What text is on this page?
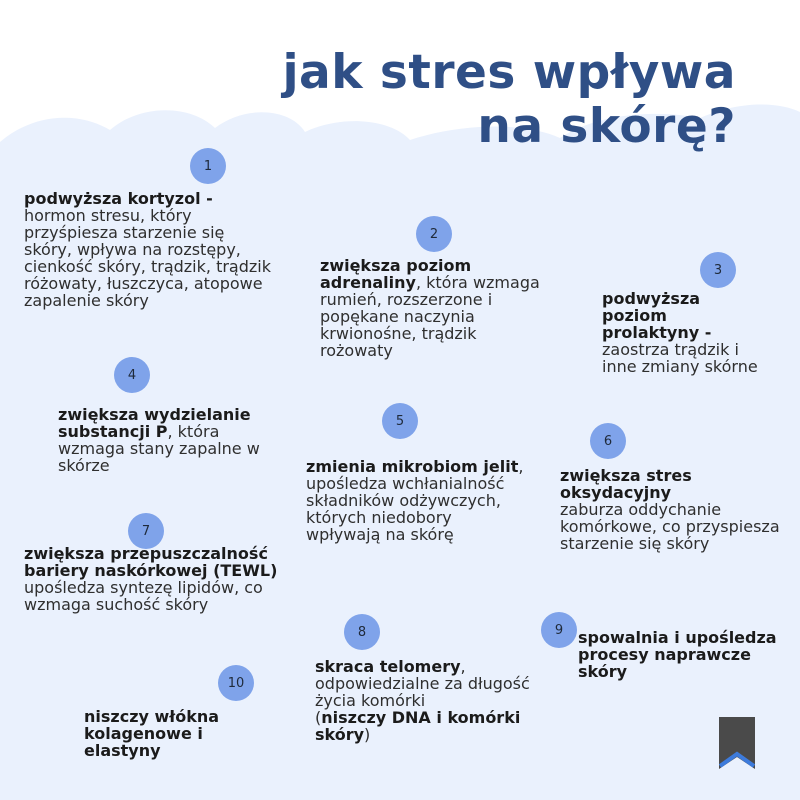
jak stres wpływa
na skórę?
1
podwyższa kortyzol -
hormon stresu, który przyśpiesza starzenie się skóry, wpływa na rozstępy, cienkość skóry, trądzik, trądzik różowaty, łuszczyca, atopowe zapalenie skóry
2
zwiększa poziom adrenaliny, która wzmaga rumień, rozszerzone i popękane naczynia krwionośne, trądzik rożowaty
3
podwyższa poziom prolaktyny -
zaostrza trądzik i inne zmiany skórne
4
zwiększa wydzielanie substancji P, która wzmaga stany zapalne w skórze
5
zmienia mikrobiom jelit, upośledza wchłanialność składników odżywczych, których niedobory wpływają na skórę
6
zwiększa stres oksydacyjny
zaburza oddychanie komórkowe, co przyspiesza starzenie się skóry
7
zwiększa przepuszczalność bariery naskórkowej (TEWL)
upośledza syntezę lipidów, co wzmaga suchość skóry
8
skraca telomery, odpowiedzialne za długość życia komórki
(niszczy DNA i komórki skóry)
9 spowalnia i upośledza procesy naprawcze skóry
10
niszczy włókna kolagenowe i elastyny
